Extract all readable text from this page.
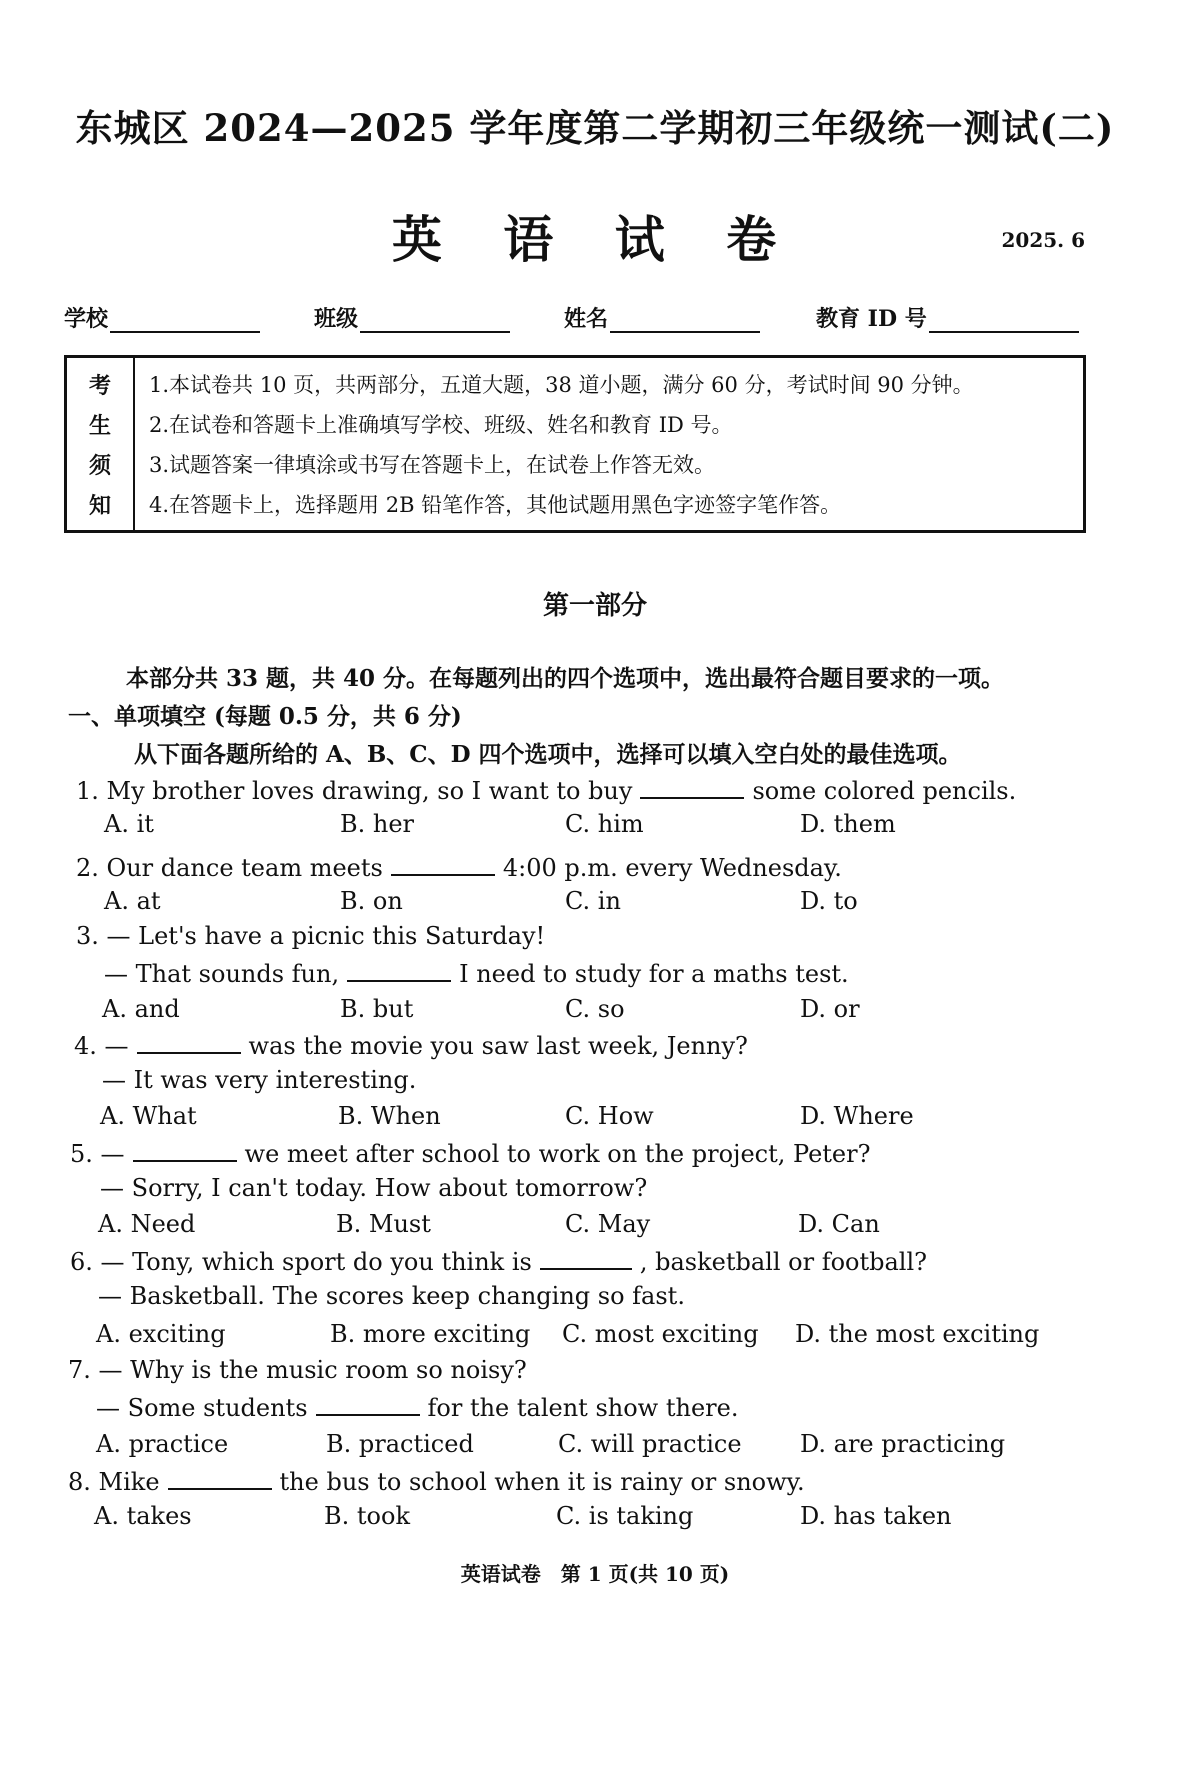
东城区 2024—2025 学年度第二学期初三年级统一测试(二)
英 语 试 卷	2025. 6
学校	班级	姓名	教育 ID 号
考
生
须
知
1.本试卷共 10 页，共两部分，五道大题，38 道小题，满分 60 分，考试时间 90 分钟。
2.在试卷和答题卡上准确填写学校、班级、姓名和教育 ID 号。
3.试题答案一律填涂或书写在答题卡上，在试卷上作答无效。
4.在答题卡上，选择题用 2B 铅笔作答，其他试题用黑色字迹签字笔作答。
第一部分
本部分共 33 题，共 40 分。在每题列出的四个选项中，选出最符合题目要求的一项。
一、单项填空 (每题 0.5 分，共 6 分)
从下面各题所给的 A、B、C、D 四个选项中，选择可以填入空白处的最佳选项。
1. My brother loves drawing, so I want to buy	some colored pencils.
A. it	B. her	C. him	D. them
2. Our dance team meets	4:00 p.m. every Wednesday.
A. at	B. on	C. in	D. to
3. — Let's have a picnic this Saturday!
— That sounds fun,	I need to study for a maths test.
A. and	B. but	C. so	D. or
4. —	was the movie you saw last week, Jenny?
— It was very interesting.
A. What	B. When	C. How	D. Where
5. —	we meet after school to work on the project, Peter?
— Sorry, I can't today. How about tomorrow?
A. Need	B. Must	C. May	D. Can
6. — Tony, which sport do you think is	, basketball or football?
— Basketball. The scores keep changing so fast.
A. exciting	B. more exciting C. most exciting D. the most exciting
7. — Why is the music room so noisy?
— Some students	for the talent show there.
A. practice	B. practiced	C. will practice D. are practicing
8. Mike	the bus to school when it is rainy or snowy.
A. takes	B. took	C. is taking	D. has taken
英语试卷　第 1 页(共 10 页)
